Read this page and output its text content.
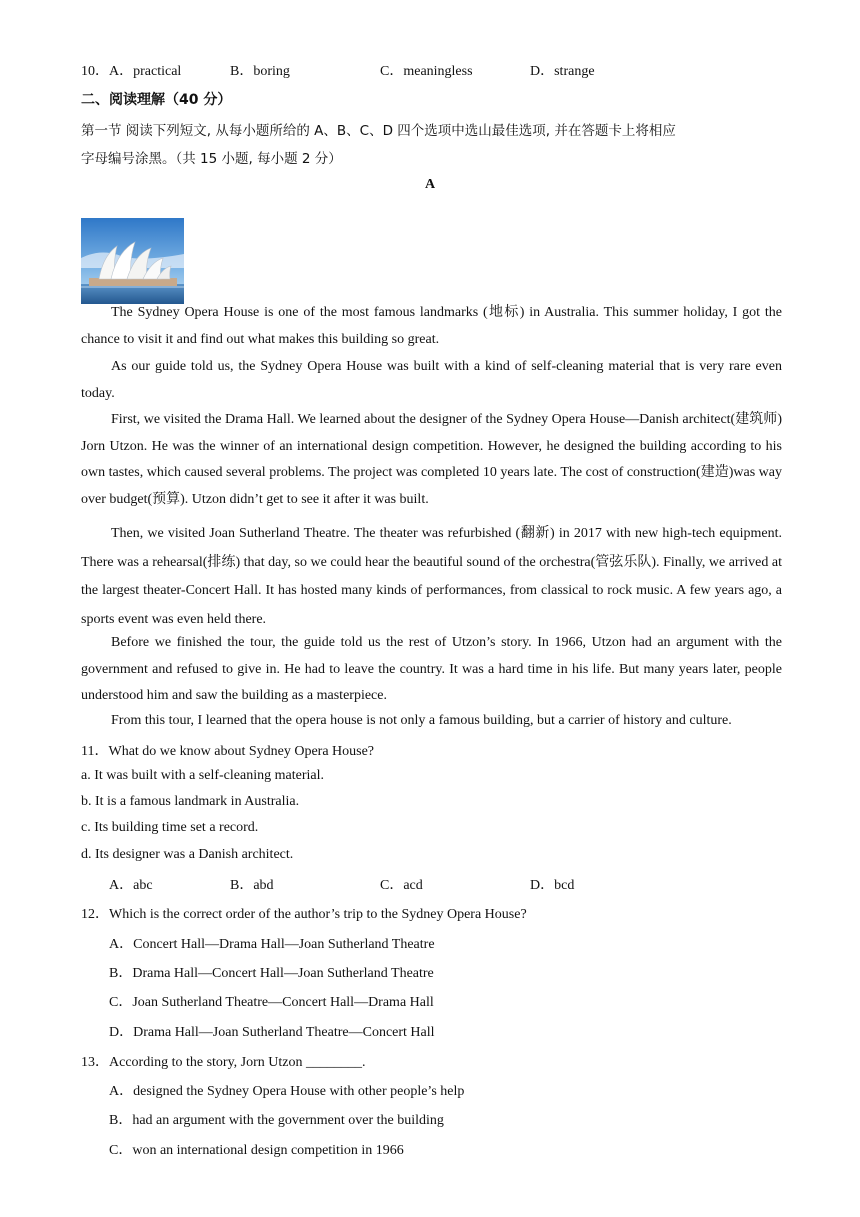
10． A．practical	B．boring	C．meaningless	D．strange
二、阅读理解（40 分）
第一节 阅读下列短文, 从每小题所给的 A、B、C、D 四个选项中选山最佳选项, 并在答题卡上将相应
字母编号涂黑。（共 15 小题, 每小题 2 分）
A
The Sydney Opera House is one of the most famous landmarks (地标) in Australia. This summer holiday, I got the chance to visit it and find out what makes this building so great.
As our guide told us, the Sydney Opera House was built with a kind of self-cleaning material that is very rare even today.
First, we visited the Drama Hall. We learned about the designer of the Sydney Opera House—Danish architect(建筑师) Jorn Utzon. He was the winner of an international design competition. However, he designed the building according to his own tastes, which caused several problems. The project was completed 10 years late. The cost of construction(建造)was way over budget(预算). Utzon didn’t get to see it after it was built.
Then, we visited Joan Sutherland Theatre. The theater was refurbished (翻新) in 2017 with new high-tech equipment. There was a rehearsal(排练) that day, so we could hear the beautiful sound of the orchestra(管弦乐队). Finally, we arrived at the largest theater-Concert Hall. It has hosted many kinds of performances, from classical to rock music. A few years ago, a sports event was even held there.
Before we finished the tour, the guide told us the rest of Utzon’s story. In 1966, Utzon had an argument with the government and refused to give in. He had to leave the country. It was a hard time in his life. But many years later, people understood him and saw the building as a masterpiece.
From this tour, I learned that the opera house is not only a famous building, but a carrier of history and culture.
11．What do we know about Sydney Opera House?
a. It was built with a self-cleaning material.
b. It is a famous landmark in Australia.
c. Its building time set a record.
d. Its designer was a Danish architect.
A．abc	B．abd	C．acd	D．bcd
12．Which is the correct order of the author’s trip to the Sydney Opera House?
A．Concert Hall—Drama Hall—Joan Sutherland Theatre
B．Drama Hall—Concert Hall—Joan Sutherland Theatre
C．Joan Sutherland Theatre—Concert Hall—Drama Hall
D．Drama Hall—Joan Sutherland Theatre—Concert Hall
13．According to the story, Jorn Utzon ________.
A．designed the Sydney Opera House with other people’s help
B．had an argument with the government over the building
C．won an international design competition in 1966
